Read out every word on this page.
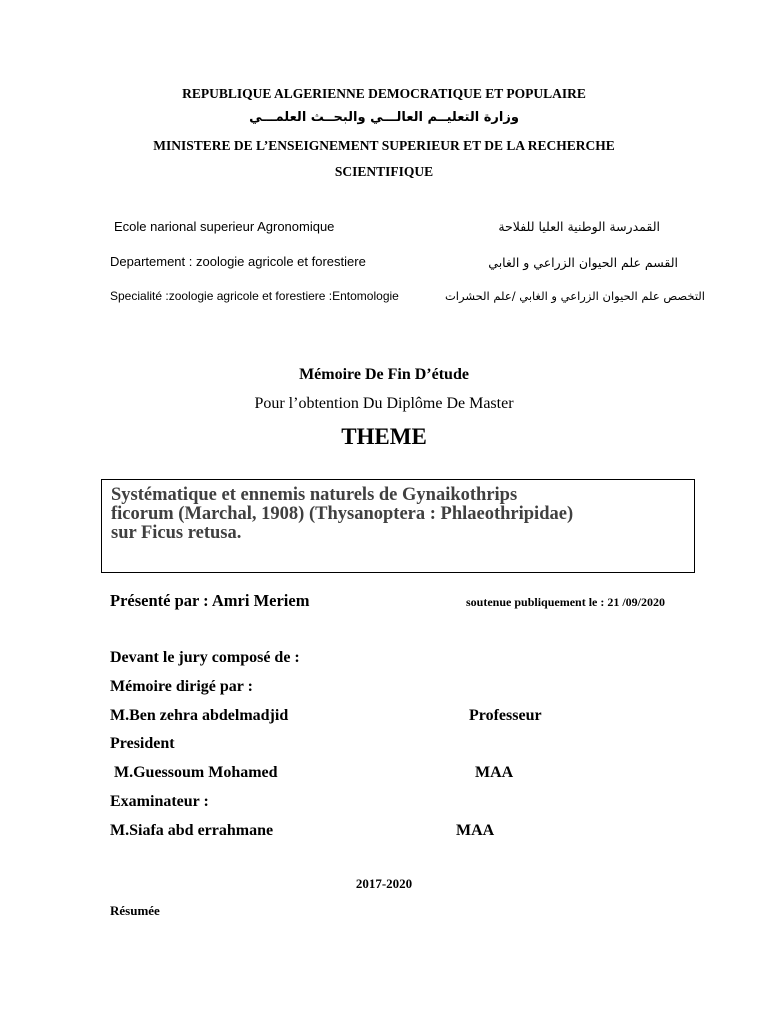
REPUBLIQUE ALGERIENNE DEMOCRATIQUE ET POPULAIRE
وزارة التعليــم العالـــي والبحــث العلمـــي
MINISTERE DE L’ENSEIGNEMENT SUPERIEUR ET DE LA RECHERCHE
SCIENTIFIQUE
Ecole narional superieur Agronomique	القمدرسة الوطنية العليا للفلاحة
Departement : zoologie agricole et forestiere	القسم علم الحيوان الزراعي و الغابي
Specialité :zoologie agricole et forestiere :Entomologie	التخصص علم الحيوان الزراعي و الغابي /علم الحشرات
Mémoire De Fin D’étude
Pour l’obtention Du Diplôme De Master
THEME
Systématique et ennemis naturels de Gynaikothrips
ficorum (Marchal, 1908) (Thysanoptera : Phlaeothripidae)
sur Ficus retusa.
Présenté par : Amri Meriem	soutenue publiquement le : 21 /09/2020
Devant le jury composé de :
Mémoire dirigé par :
M.Ben zehra abdelmadjid	Professeur
President
M.Guessoum Mohamed	MAA
Examinateur :
M.Siafa abd errahmane	MAA
2017-2020
Résumée
